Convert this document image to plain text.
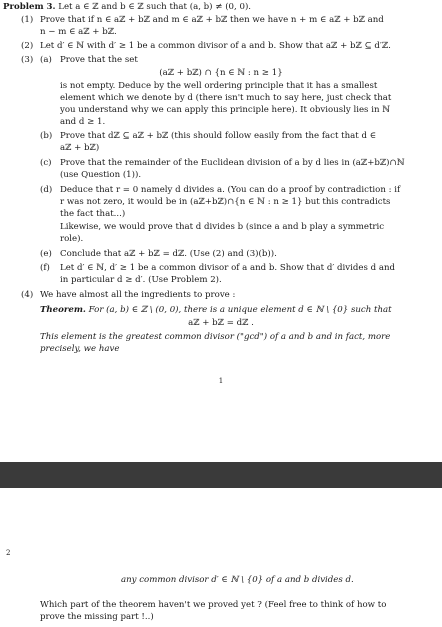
Problem 3. Let a ∈ ℤ and b ∈ ℤ such that (a, b) ≠ (0, 0).

(1) Prove that if n ∈ aℤ + bℤ and m ∈ aℤ + bℤ then we have n + m ∈ aℤ + bℤ and

n − m ∈ aℤ + bℤ.

(2) Let d′ ∈ ℕ with d′ ≥ 1 be a common divisor of a and b. Show that aℤ + bℤ ⊆ d′ℤ.

(3) (a) Prove that the set

(aℤ + bℤ) ∩ {n ∈ ℕ : n ≥ 1}

is not empty. Deduce by the well ordering principle that it has a smallest

element which we denote by d (there isn't much to say here, just check that

you understand why we can apply this principle here). It obviously lies in ℕ

and d ≥ 1.

(b) Prove that dℤ ⊆ aℤ + bℤ (this should follow easily from the fact that d ∈

aℤ + bℤ)

(c) Prove that the remainder of the Euclidean division of a by d lies in (aℤ+bℤ)∩ℕ

(use Question (1)).

(d) Deduce that r = 0 namely d divides a. (You can do a proof by contradiction : if

r was not zero, it would be in (aℤ+bℤ)∩{n ∈ ℕ : n ≥ 1} but this contradicts

the fact that...)

Likewise, we would prove that d divides b (since a and b play a symmetric

role).

(e) Conclude that aℤ + bℤ = dℤ. (Use (2) and (3)(b)).

(f) Let d′ ∈ ℕ, d′ ≥ 1 be a common divisor of a and b. Show that d′ divides d and

in particular d ≥ d′. (Use Problem 2).

(4) We have almost all the ingredients to prove :

Theorem. For (a, b) ∈ ℤ \ (0, 0), there is a unique element d ∈ ℕ \ {0} such that

aℤ + bℤ = dℤ .

This element is the greatest common divisor ("gcd") of a and b and in fact, more

precisely, we have

1

2

any common divisor d′ ∈ ℕ \ {0} of a and b divides d.

Which part of the theorem haven't we proved yet ? (Feel free to think of how to

prove the missing part !..)
